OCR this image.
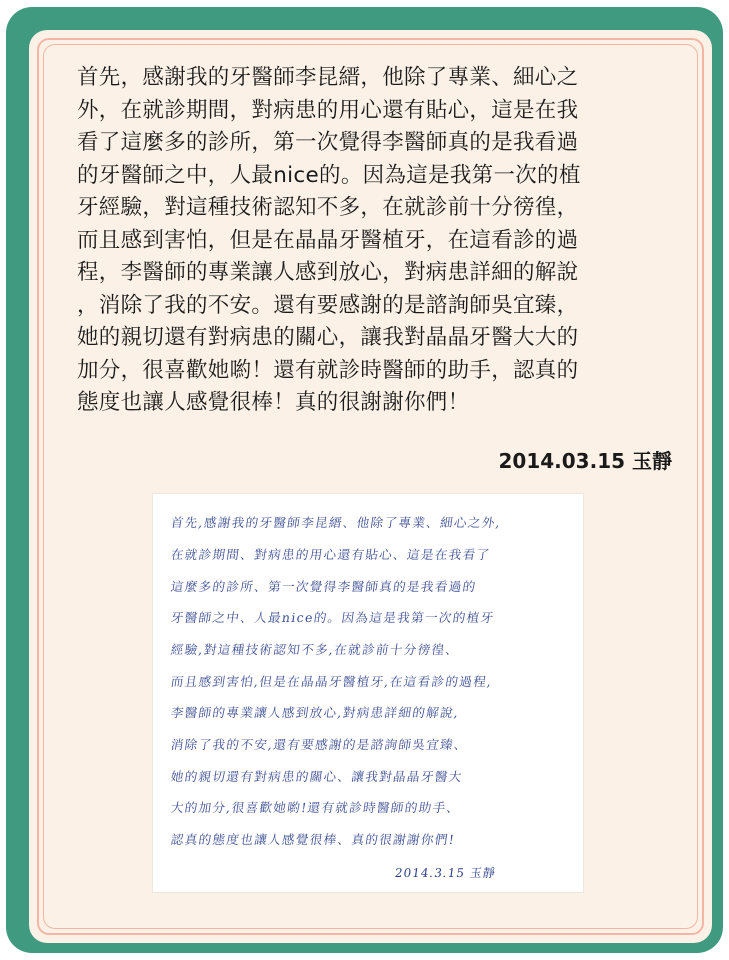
首先，感謝我的牙醫師李昆縉，他除了專業、細心之
外，在就診期間，對病患的用心還有貼心，這是在我
看了這麼多的診所，第一次覺得李醫師真的是我看過
的牙醫師之中，人最nice的。因為這是我第一次的植
牙經驗，對這種技術認知不多，在就診前十分徬徨，
而且感到害怕，但是在晶晶牙醫植牙，在這看診的過
程，李醫師的專業讓人感到放心，對病患詳細的解說
，消除了我的不安。還有要感謝的是諮詢師吳宜臻，
她的親切還有對病患的關心，讓我對晶晶牙醫大大的
加分，很喜歡她喲！還有就診時醫師的助手，認真的
態度也讓人感覺很棒！真的很謝謝你們！
2014.03.15 玉靜
首先,感謝我的牙醫師李昆縉、他除了專業、細心之外,
在就診期間、對病患的用心還有貼心、這是在我看了
這麼多的診所、第一次覺得李醫師真的是我看過的
牙醫師之中、人最nice的。因為這是我第一次的植牙
經驗,對這種技術認知不多,在就診前十分徬徨、
而且感到害怕,但是在晶晶牙醫植牙,在這看診的過程,
李醫師的專業讓人感到放心,對病患詳細的解說,
消除了我的不安,還有要感謝的是諮詢師吳宜臻、
她的親切還有對病患的關心、讓我對晶晶牙醫大
大的加分,很喜歡她喲!還有就診時醫師的助手、
認真的態度也讓人感覺很棒、真的很謝謝你們!
2014.3.15 玉靜
